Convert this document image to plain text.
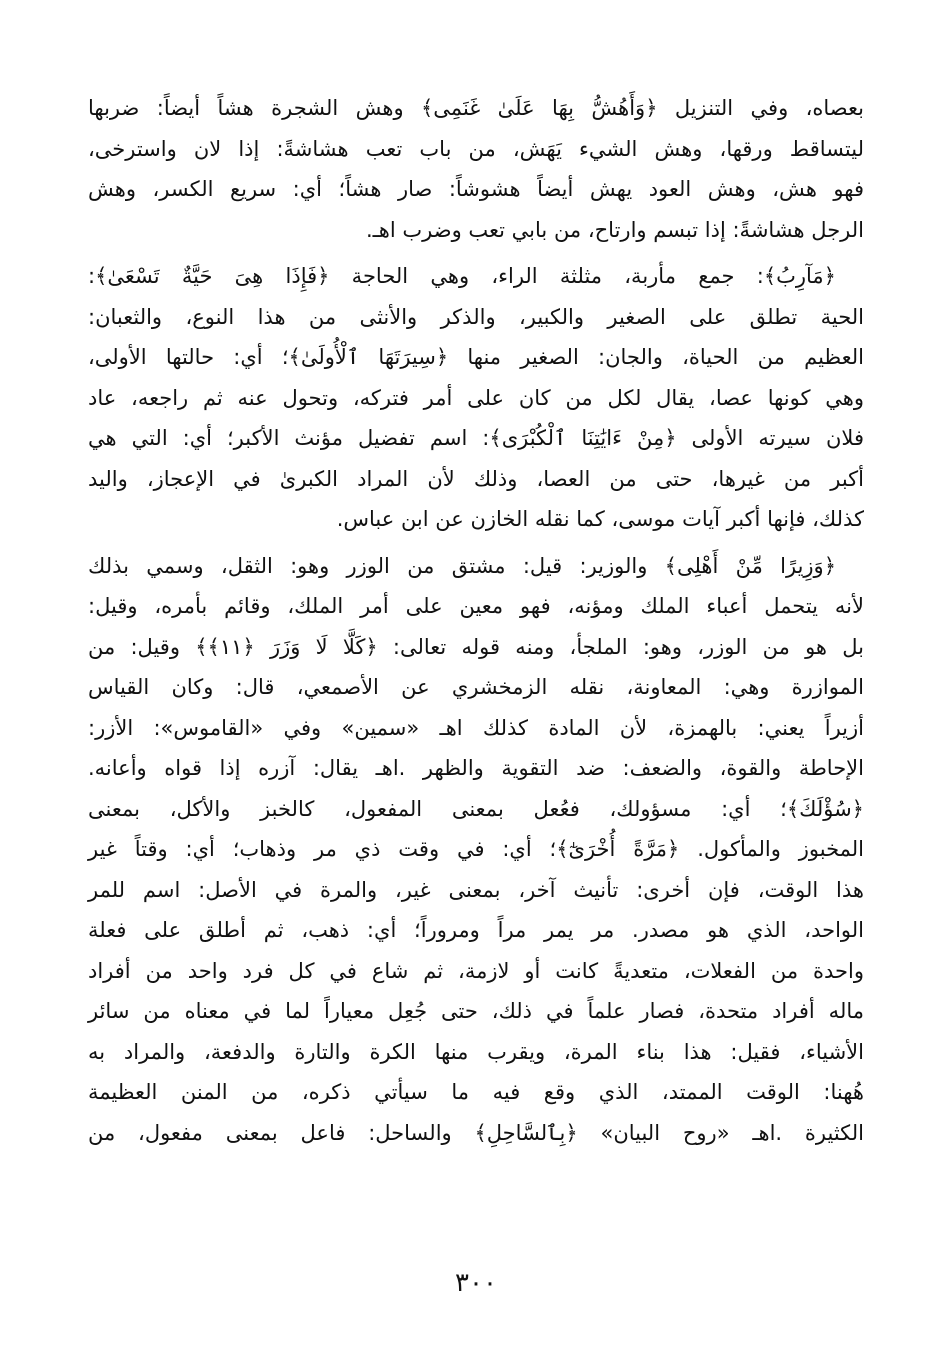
بعصاه، وفي التنزيل ﴿وَأَهُشُّ بِهَا عَلَىٰ غَنَمِى﴾ وهش الشجرة هشاً أيضاً: ضربها
ليتساقط ورقها، وهش الشيء يَهَش، من باب تعب هشاشةً: إذا لان واسترخى،
فهو هش، وهش العود يهش أيضاً هشوشاً: صار هشاً؛ أي: سريع الكسر، وهش
الرجل هشاشةً: إذا تبسم وارتاح، من بابي تعب وضرب اهـ.
﴿مَآرِبُ﴾: جمع مأربة، مثلثة الراء، وهي الحاجة ﴿فَإِذَا هِىَ حَيَّةٌ تَسْعَىٰ﴾:
الحية تطلق على الصغير والكبير، والذكر والأنثى من هذا النوع، والثعبان:
العظيم من الحياة، والجان: الصغير منها ﴿سِيرَتَهَا ٱلْأُولَىٰ﴾؛ أي: حالتها الأولى،
وهي كونها عصا، يقال لكل من كان على أمر فتركه، وتحول عنه ثم راجعه، عاد
فلان سيرته الأولى ﴿مِنْ ءَايَٰتِنَا ٱلْكُبْرَى﴾: اسم تفضيل مؤنث الأكبر؛ أي: التي هي
أكبر من غيرها، حتى من العصا، وذلك لأن المراد الكبرىٰ في الإعجاز، واليد
كذلك، فإنها أكبر آيات موسى، كما نقله الخازن عن ابن عباس.
﴿وَزِيرًا مِّنْ أَهْلِى﴾ والوزير: قيل: مشتق من الوزر وهو: الثقل، وسمي بذلك
لأنه يتحمل أعباء الملك ومؤنه، فهو معين على أمر الملك، وقائم بأمره، وقيل:
بل هو من الوزر، وهو: الملجأ، ومنه قوله تعالى: ﴿كَلَّا لَا وَزَرَ ﴿١١﴾﴾ وقيل: من
الموازرة وهي: المعاونة، نقله الزمخشري عن الأصمعي، قال: وكان القياس
أزيراً يعني: بالهمزة، لأن المادة كذلك اهـ «سمين» وفي «القاموس»: الأزر:
الإحاطة والقوة، والضعف: ضد التقوية والظهر .اهـ يقال: آزره إذا قواه وأعانه.
﴿سُؤْلَكَ﴾؛ أي: مسؤولك، فعُعل بمعنى المفعول، كالخبز والأكل، بمعنى
المخبوز والمأكول. ﴿مَرَّةً أُخْرَىٰٓ﴾؛ أي: في وقت ذي مر وذهاب؛ أي: وقتاً غير
هذا الوقت، فإن أخرى: تأنيث آخر، بمعنى غير، والمرة في الأصل: اسم للمر
الواحد، الذي هو مصدر. مر يمر مراً ومروراً؛ أي: ذهب، ثم أطلق على فعلة
واحدة من الفعلات، متعديةً كانت أو لازمة، ثم شاع في كل فرد واحد من أفراد
ماله أفراد متحدة، فصار علماً في ذلك، حتى جُعِل معياراً لما في معناه من سائر
الأشياء، فقيل: هذا بناء المرة، ويقرب منها الكرة والتارة والدفعة، والمراد به
هُهنا: الوقت الممتد، الذي وقع فيه ما سيأتي ذكره، من المنن العظيمة
الكثيرة .اهـ «روح البيان» ﴿بِٱلسَّاحِلِ﴾ والساحل: فاعل بمعنى مفعول، من
٣٠٠
